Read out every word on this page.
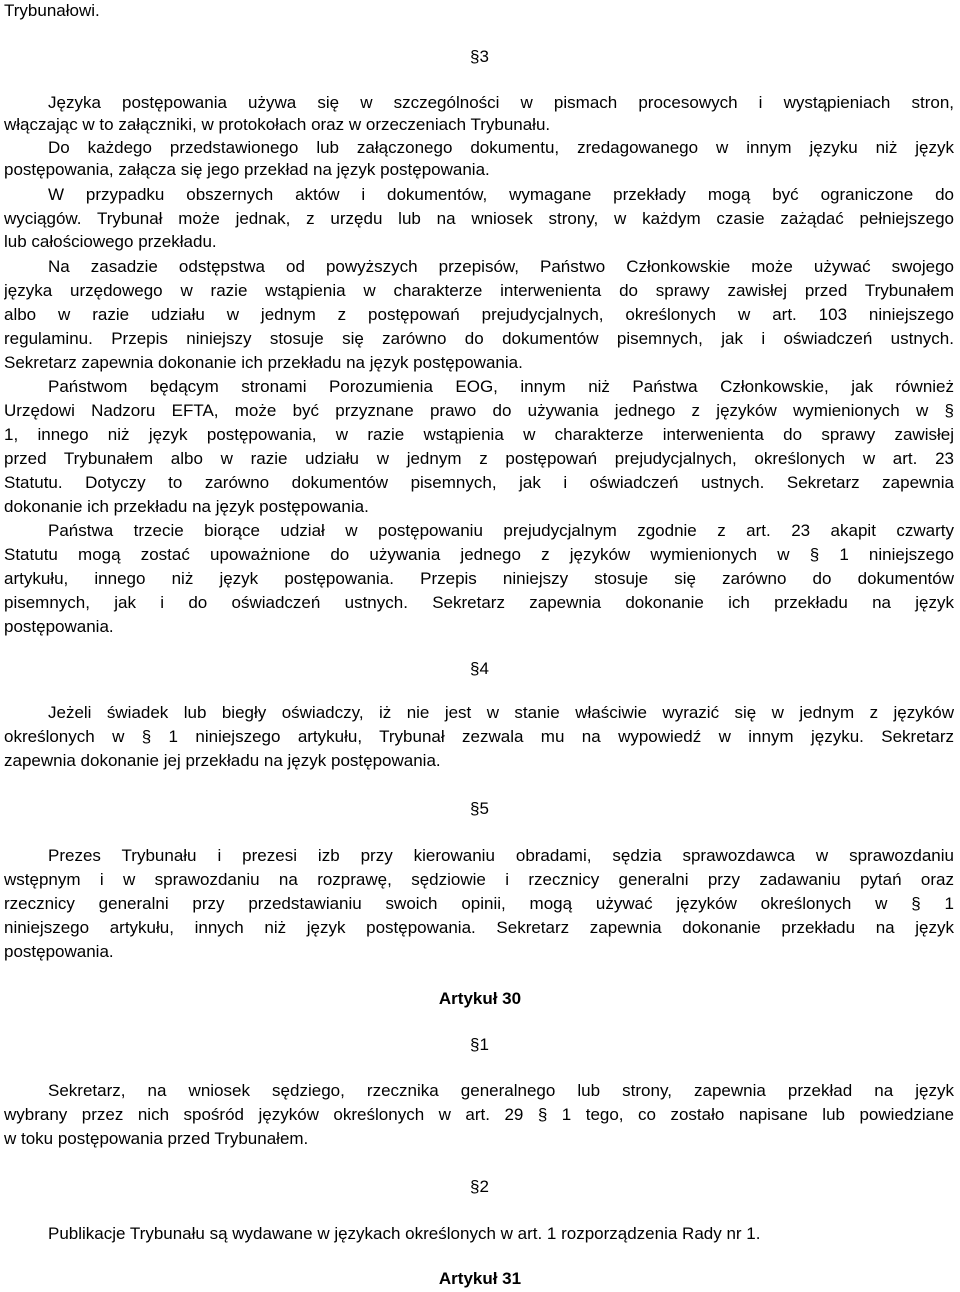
Trybunałowi.
§3
Języka postępowania używa się w szczególności w pismach procesowych i wystąpieniach stron,
włączając w to załączniki, w protokołach oraz w orzeczeniach Trybunału.
Do każdego przedstawionego lub załączonego dokumentu, zredagowanego w innym języku niż język
postępowania, załącza się jego przekład na język postępowania.
W przypadku obszernych aktów i dokumentów, wymagane przekłady mogą być ograniczone do
wyciągów. Trybunał może jednak, z urzędu lub na wniosek strony, w każdym czasie zażądać pełniejszego
lub całościowego przekładu.
Na zasadzie odstępstwa od powyższych przepisów, Państwo Członkowskie może używać swojego
języka urzędowego w razie wstąpienia w charakterze interwenienta do sprawy zawisłej przed Trybunałem
albo w razie udziału w jednym z postępowań prejudycjalnych, określonych w art. 103 niniejszego
regulaminu. Przepis niniejszy stosuje się zarówno do dokumentów pisemnych, jak i oświadczeń ustnych.
Sekretarz zapewnia dokonanie ich przekładu na język postępowania.
Państwom będącym stronami Porozumienia EOG, innym niż Państwa Członkowskie, jak również
Urzędowi Nadzoru EFTA, może być przyznane prawo do używania jednego z języków wymienionych w §
1, innego niż język postępowania, w razie wstąpienia w charakterze interwenienta do sprawy zawisłej
przed Trybunałem albo w razie udziału w jednym z postępowań prejudycjalnych, określonych w art. 23
Statutu. Dotyczy to zarówno dokumentów pisemnych, jak i oświadczeń ustnych. Sekretarz zapewnia
dokonanie ich przekładu na język postępowania.
Państwa trzecie biorące udział w postępowaniu prejudycjalnym zgodnie z art. 23 akapit czwarty
Statutu mogą zostać upoważnione do używania jednego z języków wymienionych w § 1 niniejszego
artykułu, innego niż język postępowania. Przepis niniejszy stosuje się zarówno do dokumentów
pisemnych, jak i do oświadczeń ustnych. Sekretarz zapewnia dokonanie ich przekładu na język
postępowania.
§4
Jeżeli świadek lub biegły oświadczy, iż nie jest w stanie właściwie wyrazić się w jednym z języków
określonych w § 1 niniejszego artykułu, Trybunał zezwala mu na wypowiedź w innym języku. Sekretarz
zapewnia dokonanie jej przekładu na język postępowania.
§5
Prezes Trybunału i prezesi izb przy kierowaniu obradami, sędzia sprawozdawca w sprawozdaniu
wstępnym i w sprawozdaniu na rozprawę, sędziowie i rzecznicy generalni przy zadawaniu pytań oraz
rzecznicy generalni przy przedstawianiu swoich opinii, mogą używać języków określonych w § 1
niniejszego artykułu, innych niż język postępowania. Sekretarz zapewnia dokonanie przekładu na język
postępowania.
Artykuł 30
§1
Sekretarz, na wniosek sędziego, rzecznika generalnego lub strony, zapewnia przekład na język
wybrany przez nich spośród języków określonych w art. 29 § 1 tego, co zostało napisane lub powiedziane
w toku postępowania przed Trybunałem.
§2
Publikacje Trybunału są wydawane w językach określonych w art. 1 rozporządzenia Rady nr 1.
Artykuł 31
